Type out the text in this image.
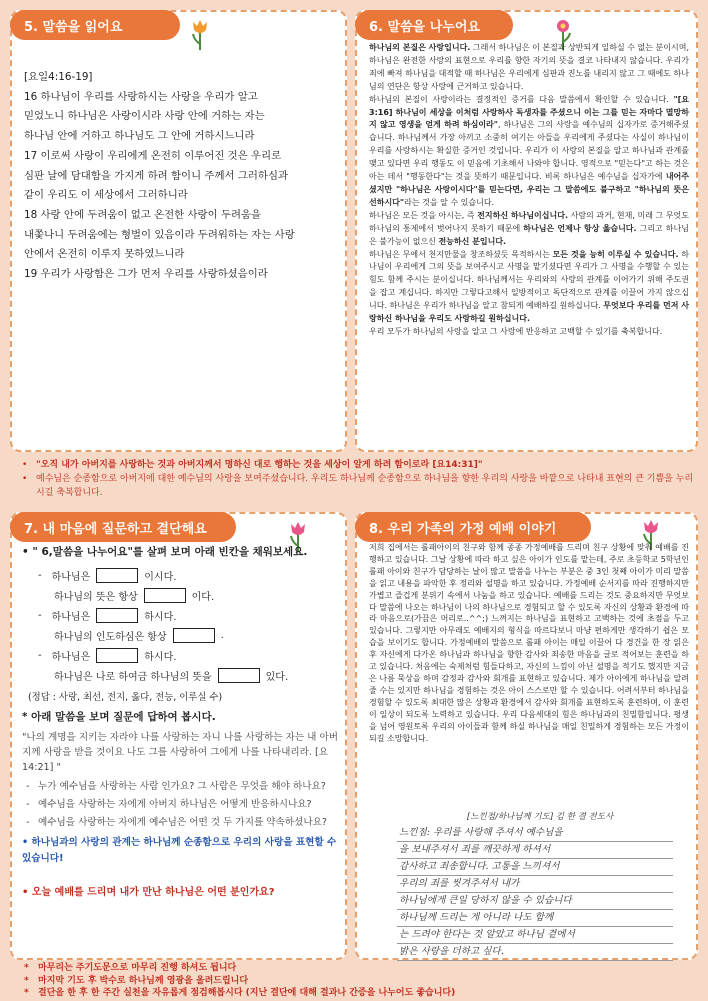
5. 말씀을 읽어요
[요일4:16-19]
16 하나님이 우리를 사랑하시는 사랑을 우리가 알고
믿었노니 하나님은 사랑이시라 사랑 안에 거하는 자는
하나님 안에 거하고 하나님도 그 안에 거하시느니라
17 이로써 사랑이 우리에게 온전히 이루어진 것은 우리로
심판 날에 담대함을 가지게 하려 함이니 주께서 그러하심과
같이 우리도 이 세상에서 그러하니라
18 사랑 안에 두려움이 없고 온전한 사랑이 두려움을
내쫓나니 두려움에는 형벌이 있음이라 두려워하는 자는 사랑
안에서 온전히 이루지 못하였느니라
19 우리가 사랑함은 그가 먼저 우리를 사랑하셨음이라
6. 말씀을 나누어요

하나님의 본질은 사랑입니다. 그래서 하나님은 이 본질과 상반되게 일하실 수 없는 분이시며, 하나님은 완전한 사랑의 표현으로 우리를 향한 자기의 뜻을 결코 나타내지 않습니다. 우리가 죄에 빠져 하나님을 대적할 때 하나님은 우리에게 심판과 진노를 내리지 않고 그 때에도 하나님의 연단은 항상 사랑에 근거하고 있습니다.

하나님의 본질이 사랑이라는 결정적인 증거를 다음 말씀에서 확인할 수 있습니다. "[요3:16] 하나님이 세상을 이처럼 사랑하사 독생자를 주셨으니 이는 그를 믿는 자마다 멸망하지 않고 영생을 얻게 하려 하심이라", 하나님은 그의 사랑을 예수님의 십자가로 증거해주셨습니다. 하나님께서 가장 아끼고 소중히 여기는 아들을 우리에게 주셨다는 사실이 하나님이 우리를 사랑하시는 확실한 증거인 것입니다. 우리가 이 사랑의 본질을 알고 하나님과 관계를 맺고 있다면 우리 행동도 이 믿음에 기초해서 나와야 합니다. 영적으로 "믿는다"고 하는 것은 아는 데서 "행동한다"는 것을 뜻하기 때문입니다. 비록 하나님은 예수님을 십자가에 내어주셨지만 "하나님은 사랑이시다"를 믿는다면, 우리는 그 말씀에도 불구하고 "하나님의 뜻은 선하시다"라는 것을 알 수 있습니다.

하나님은 모든 것을 아시는, 즉 전지하신 하나님이십니다. 사람의 과거, 현재, 미래 그 무엇도 하나님의 통제에서 벗어나지 못하기 때문에 하나님은 언제나 항상 옳습니다. 그리고 하나님은 불가능이 없으신 전능하신 분입니다.

하나님은 무에서 천지만물을 창조하셨듯 목적하시는 모든 것을 능히 이루실 수 있습니다. 하나님이 우리에게 그의 뜻을 보여주시고 사명을 맡기셨다면 우리가 그 사명을 수행할 수 있는 힘도 함께 주시는 분이십니다. 하나님께서는 우리와의 사랑의 관계를 이어가기 위해 주도권을 잡고 계십니다. 하지만 그렇다고해서 일방적이고 독단적으로 관계를 이끌어 가지 않으십니다. 하나님은 우리가 하나님을 알고 참되게 예배하길 원하십니다. 무엇보다 우리를 먼저 사랑하신 하나님을 우리도 사랑하길 원하십니다.

우리 모두가 하나님의 사랑을 알고 그 사랑에 반응하고 고백할 수 있기를 축복합니다.

• "오직 내가 아버지를 사랑하는 것과 아버지께서 명하신 대로 행하는 것을 세상이 알게 하려 함이로라 [요14:31]"
• 예수님은 순종함으로 아버지에 대한 예수님의 사랑을 보여주셨습니다. 우리도 하나님께 순종함으로 하나님을 향한 우리의 사랑을 바깥으로 나타내 표현의 큰 기쁨을 누리시길 축복합니다.
7. 내 마음에 질문하고 결단해요
• " 6,말씀을 나누어요"를 살펴 보며 아래 빈칸을 채워보세요.
- 하나님은	이시다.
하나님의 뜻은 항상	이다.
- 하나님은	하시다.
하나님의 인도하심은 항상	.
- 하나님은	하시다.
하나님은 나로 하여금 하나님의 뜻을	있다.
(정답 : 사랑, 최선, 전지, 옳다, 전능, 이루실 수)
* 아래 말씀을 보며 질문에 답하여 봅시다.
"나의 계명을 지키는 자라야 나를 사랑하는 자니 나를 사랑하는 자는 내 아버지께 사랑을 받을 것이요 나도 그를 사랑하여 그에게 나를 나타내리라. [요14:21] "
- 누가 예수님을 사랑하는 사람 인가요? 그 사람은 무엇을 해야 하나요?
- 예수님을 사랑하는 자에게 아버지 하나님은 어떻게 반응하시나요?
- 예수님을 사랑하는 자에게 예수님은 어떤 것 두 가지를 약속하셨나요?
• 하나님과의 사랑의 관계는 하나님께 순종함으로 우리의 사랑을 표현할 수 있습니다!
• 오늘 예배를 드리며 내가 만난 하나님은 어떤 분인가요?
8. 우리 가족의 가정 예배 이야기
저희 집에서는 롤패아이의 친구와 함께 종종 가정예배를 드리며 친구 상황에 맞춰 예배를 진행하고 있습니다. 그날 상황에 따라 하고 싶은 아이가 인도를 맡는데, 주로 초등학교 5학년인 롤패 아이와 친구가 담당하는 날이 많고 말씀을 나누는 부분은 중 3인 첫째 아이가 미리 말씀을 읽고 내용을 파악한 후 정리와 설명을 하고 있습니다. 가정예배 순서지를 따라 진행하지만 가볍고 즐겁게 분위기 속에서 나눔을 하고 있습니다. 예배를 드리는 것도 중요하지만 무엇보다 말씀에 나오는 하나님이 나의 하나님으로 경험되고 할 수 있도록 자신의 상황과 환경에 따라 마음으로(가끔은 머리로..^^;) 느껴지는 하나님을 표현하고 고백하는 것에 초점을 두고 있습니다. 그렇지만 아무래도 예배지의 형식을 따르다보니 마냥 편하게만 생각하기 쉽은 모습을 보이기도 합니다. 가정예배의 말씀으로 롤패 아이는 매일 이끌어 다 경건을 한 장 읽은 후 자신에게 다가온 하나님과 하나님을 향한 감사와 죄송한 마음을 글로 적어보는 훈련을 하고 있습니다. 처음에는 숙제처럼 힘들다하고, 자신의 느낌이 아닌 설명을 적기도 했지만 지금은 나름 묵상을 하며 감정과 감사와 회개를 표현하고 있습니다. 제가 아이에게 하나님을 알려줄 수는 있지만 하나님을 경험하는 것은 아이 스스로만 할 수 있습니다. 어려서부터 하나님을 경험할 수 있도록 최대한 많은 상황과 환경에서 감사와 회개를 표현하도록 훈련하며, 이 훈련이 일상이 되도록 노력하고 있습니다. 우리 다음세대의 힘은 하나님과의 친밀함입니다. 평생을 넘어 영원토록 우리의 아이들과 함께 하실 하나님을 매일 친밀하게 경험하는 모든 가정이 되길 소망합니다.
[느낀점/하나님께 기도] 김 한 결 전도사
느낀점: 우리를 사랑해 주셔서 예수님을
을 보내주셔서 죄를 깨끗하게 하셔서
감사하고 죄송합니다. 고통을 느끼셔서
우리의 죄를 씻겨주셔서 내가
하나님에게 큰일 당하지 않을 수 있습니다
하나님께 드리는 게 아니라 나도 함께
는 드려야 한다는 것 알았고 하나님 곁에서
밝은 사랑을 더하고 싶다.
* 마무리는 주기도문으로 마무리 진행 하셔도 됩니다
* 마지막 기도 후 박수로 하나님께 영광을 올려드립니다
* 결단을 한 후 한 주간 실천을 자유롭게 점검해봅시다 (지난 결단에 대해 결과나 간증을 나누어도 좋습니다)
